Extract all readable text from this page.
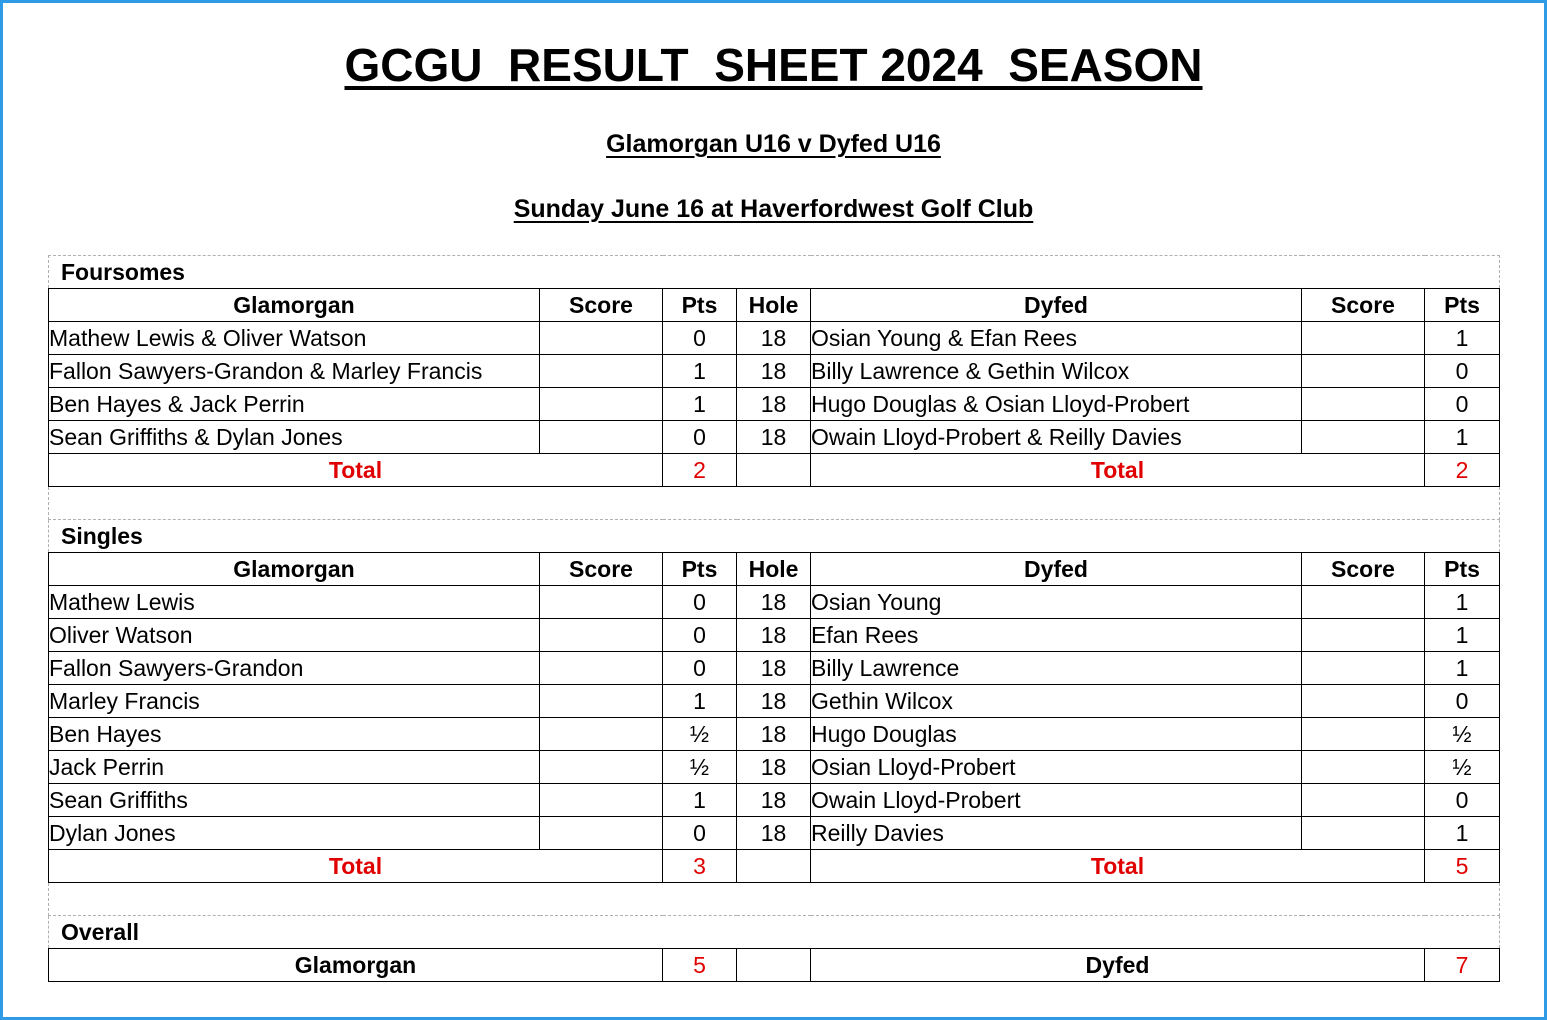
GCGU  RESULT  SHEET 2024  SEASON
Glamorgan U16 v Dyfed U16
Sunday June 16 at Haverfordwest Golf Club
Foursomes						
Glamorgan	Score	Pts	Hole	Dyfed	Score	Pts
Mathew Lewis & Oliver Watson		0	18	Osian Young & Efan Rees		1
Fallon Sawyers-Grandon & Marley Francis		1	18	Billy Lawrence & Gethin Wilcox		0
Ben Hayes & Jack Perrin		1	18	Hugo Douglas & Osian Lloyd-Probert		0
Sean Griffiths & Dylan Jones		0	18	Owain Lloyd-Probert & Reilly Davies		1
Total		2		Total		2

Singles						
Glamorgan	Score	Pts	Hole	Dyfed	Score	Pts
Mathew Lewis		0	18	Osian Young		1
Oliver Watson		0	18	Efan Rees		1
Fallon Sawyers-Grandon		0	18	Billy Lawrence		1
Marley Francis		1	18	Gethin Wilcox		0
Ben Hayes		½	18	Hugo Douglas		½
Jack Perrin		½	18	Osian Lloyd-Probert		½
Sean Griffiths		1	18	Owain Lloyd-Probert		0
Dylan Jones		0	18	Reilly Davies		1
Total		3		Total		5

Overall						
Glamorgan		5		Dyfed		7
